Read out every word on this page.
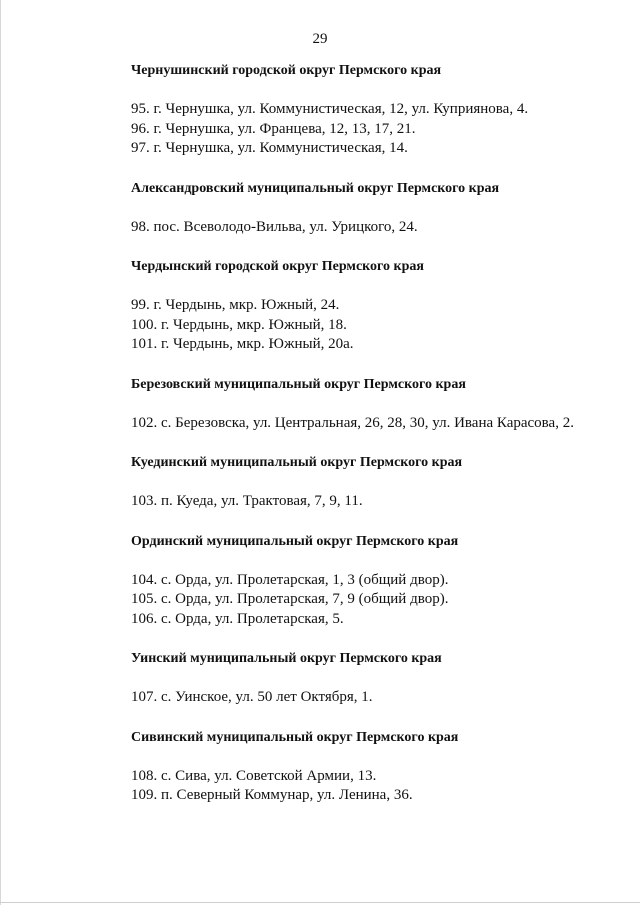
29
Чернушинский городской округ Пермского края
95. г. Чернушка, ул. Коммунистическая, 12, ул. Куприянова, 4.
96. г. Чернушка, ул. Францева, 12, 13, 17, 21.
97. г. Чернушка, ул. Коммунистическая, 14.
Александровский муниципальный округ Пермского края
98. пос. Всеволодо-Вильва, ул. Урицкого, 24.
Чердынский городской округ Пермского края
99. г. Чердынь, мкр. Южный, 24.
100. г. Чердынь, мкр. Южный, 18.
101. г. Чердынь, мкр. Южный, 20а.
Березовский муниципальный округ Пермского края
102. с. Березовска, ул. Центральная, 26, 28, 30, ул. Ивана Карасова, 2.
Куединский муниципальный округ Пермского края
103. п. Куеда, ул. Трактовая, 7, 9, 11.
Ординский муниципальный округ Пермского края
104. с. Орда, ул. Пролетарская, 1, 3 (общий двор).
105. с. Орда, ул. Пролетарская, 7, 9 (общий двор).
106. с. Орда, ул. Пролетарская, 5.
Уинский муниципальный округ Пермского края
107. с. Уинское, ул. 50 лет Октября, 1.
Сивинский муниципальный округ Пермского края
108. с. Сива, ул. Советской Армии, 13.
109. п. Северный Коммунар, ул. Ленина, 36.
